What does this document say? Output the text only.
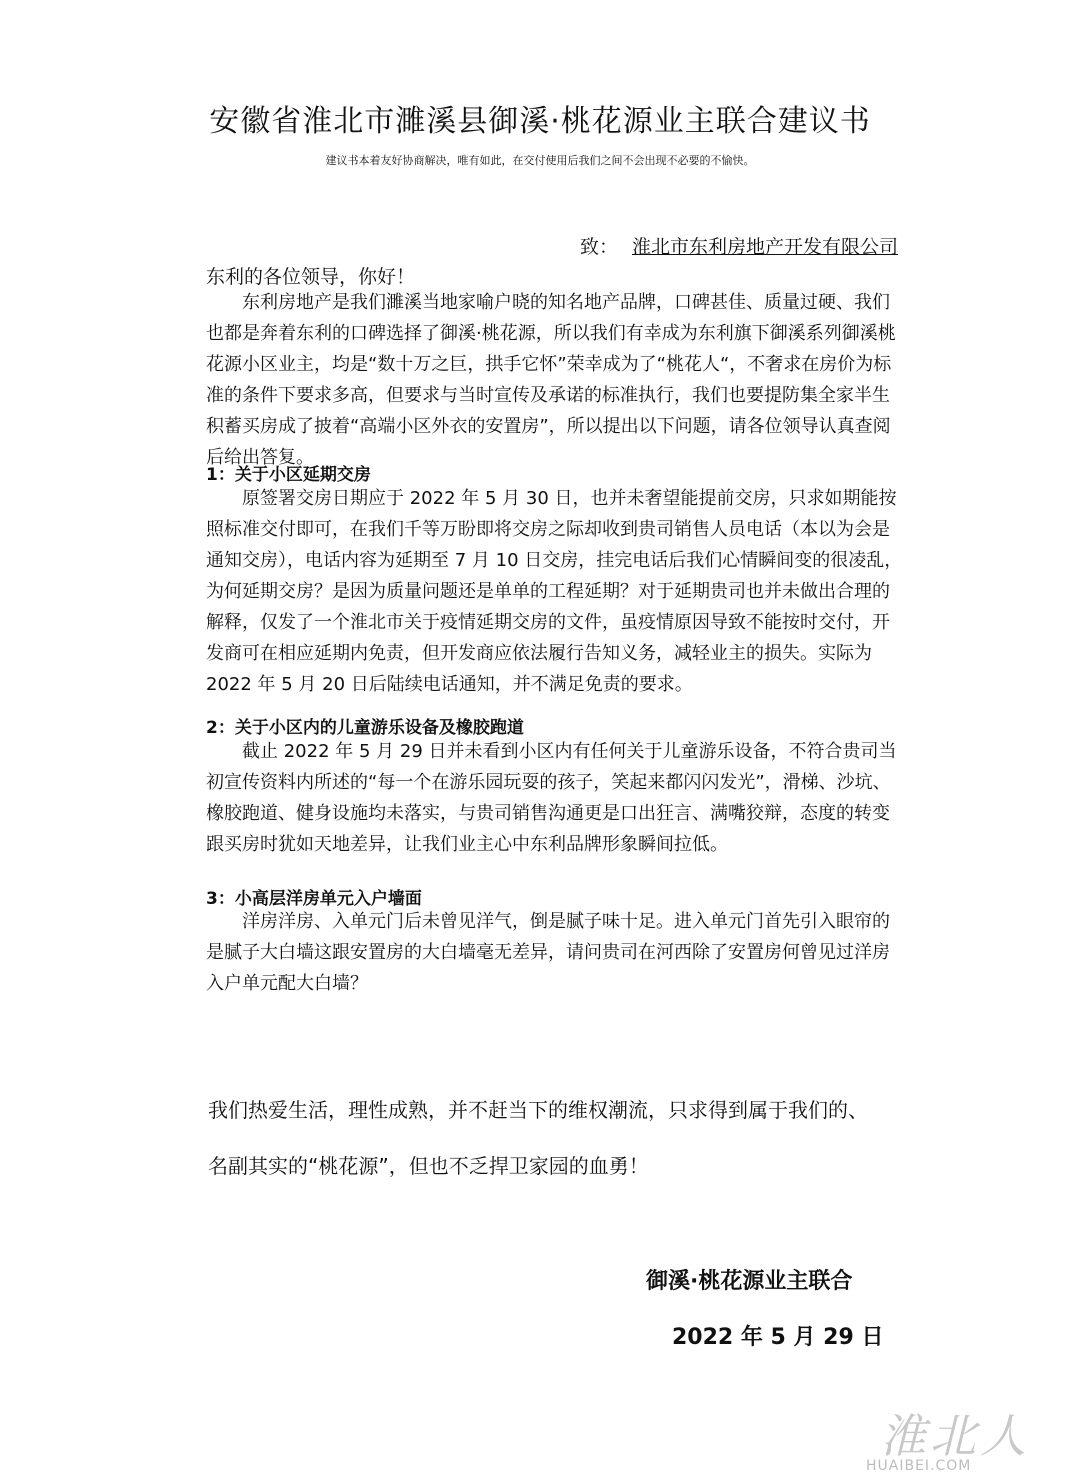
安徽省淮北市濉溪县御溪·桃花源业主联合建议书

建议书本着友好协商解决，唯有如此，在交付使用后我们之间不会出现不必要的不愉快。

致： 淮北市东利房地产开发有限公司
东利的各位领导，你好！

东利房地产是我们濉溪当地家喻户晓的知名地产品牌，口碑甚佳、质量过硬、我们也都是奔着东利的口碑选择了御溪·桃花源，所以我们有幸成为东利旗下御溪系列御溪桃花源小区业主，均是“数十万之巨，拱手它怀”荣幸成为了“桃花人“，不奢求在房价为标准的条件下要求多高，但要求与当时宣传及承诺的标准执行，我们也要提防集全家半生积蓄买房成了披着“高端小区外衣的安置房”，所以提出以下问题，请各位领导认真查阅后给出答复。

1：关于小区延期交房

原签署交房日期应于 2022 年 5 月 30 日，也并未奢望能提前交房，只求如期能按照标准交付即可，在我们千等万盼即将交房之际却收到贵司销售人员电话（本以为会是通知交房），电话内容为延期至 7 月 10 日交房，挂完电话后我们心情瞬间变的很凌乱，为何延期交房？是因为质量问题还是单单的工程延期？对于延期贵司也并未做出合理的解释，仅发了一个淮北市关于疫情延期交房的文件，虽疫情原因导致不能按时交付，开发商可在相应延期内免责，但开发商应依法履行告知义务，减轻业主的损失。实际为 2022 年 5 月 20 日后陆续电话通知，并不满足免责的要求。

2：关于小区内的儿童游乐设备及橡胶跑道

截止 2022 年 5 月 29 日并未看到小区内有任何关于儿童游乐设备，不符合贵司当初宣传资料内所述的“每一个在游乐园玩耍的孩子，笑起来都闪闪发光”，滑梯、沙坑、橡胶跑道、健身设施均未落实，与贵司销售沟通更是口出狂言、满嘴狡辩，态度的转变跟买房时犹如天地差异，让我们业主心中东利品牌形象瞬间拉低。

3：小高层洋房单元入户墙面

洋房洋房、入单元门后未曾见洋气，倒是腻子味十足。进入单元门首先引入眼帘的是腻子大白墙这跟安置房的大白墙毫无差异，请问贵司在河西除了安置房何曾见过洋房入户单元配大白墙？

我们热爱生活，理性成熟，并不赶当下的维权潮流，只求得到属于我们的、

名副其实的“桃花源”，但也不乏捍卫家园的血勇！

御溪·桃花源业主联合
2022 年 5 月 29 日
淮北人
HUAIBEI.COM
